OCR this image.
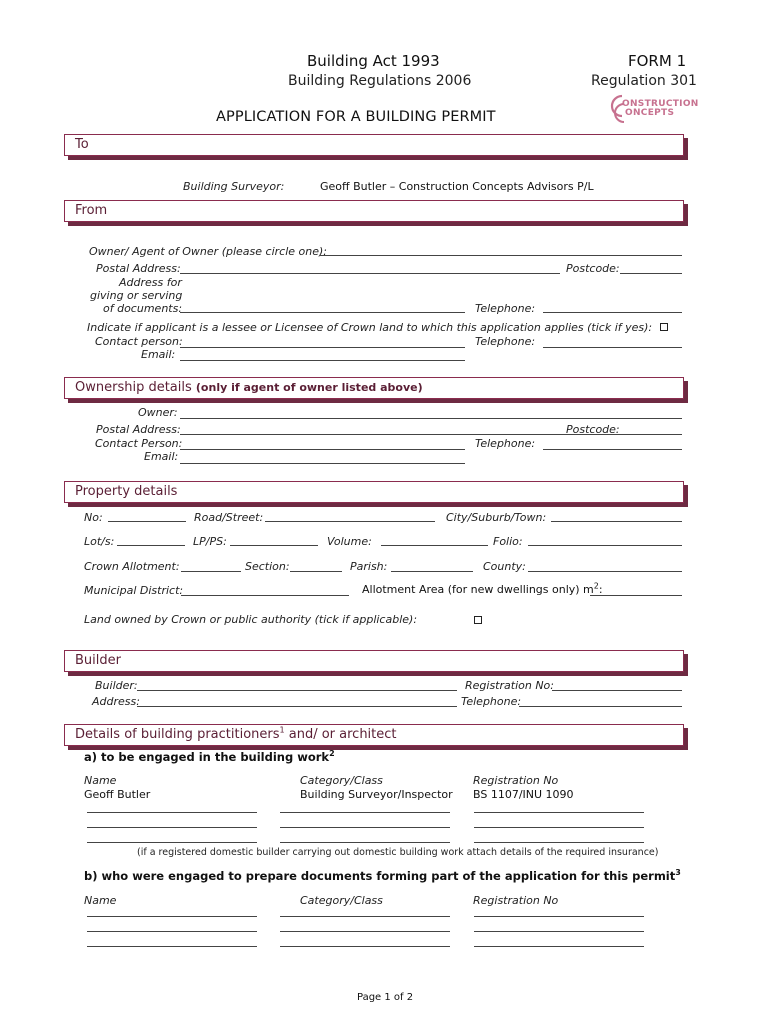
Building Act 1993
Building Regulations 2006
FORM 1
Regulation 301
APPLICATION FOR A BUILDING PERMIT
ONSTRUCTION
ONCEPTS
To
Building Surveyor:	Geoff Butler – Construction Concepts Advisors P/L
From
Owner/ Agent of Owner (please circle one):
Postal Address:	Postcode:
Address for
giving or serving
of documents:	Telephone:
Indicate if applicant is a lessee or Licensee of Crown land to which this application applies (tick if yes):
Contact person:	Telephone:
Email:
Ownership details (only if agent of owner listed above)
Owner:
Postal Address:	Postcode:
Contact Person:	Telephone:
Email:
Property details
No:	Road/Street:	City/Suburb/Town:
Lot/s:	LP/PS:	Volume:	Folio:
Crown Allotment:	Section:	Parish:	County:
Municipal District:	Allotment Area (for new dwellings only) $m^2$:
Land owned by Crown or public authority (tick if applicable):
Builder
Builder:	Registration No:
Address:	Telephone:
Details of building practitioners$^1$ and/ or architect
a) to be engaged in the building work$^2$
Name	Category/Class	Registration No
Geoff Butler	Building Surveyor/Inspector BS 1107/INU 1090
(if a registered domestic builder carrying out domestic building work attach details of the required insurance)
b) who were engaged to prepare documents forming part of the application for this permit$^3$
Name	Category/Class	Registration No
Page 1 of 2
